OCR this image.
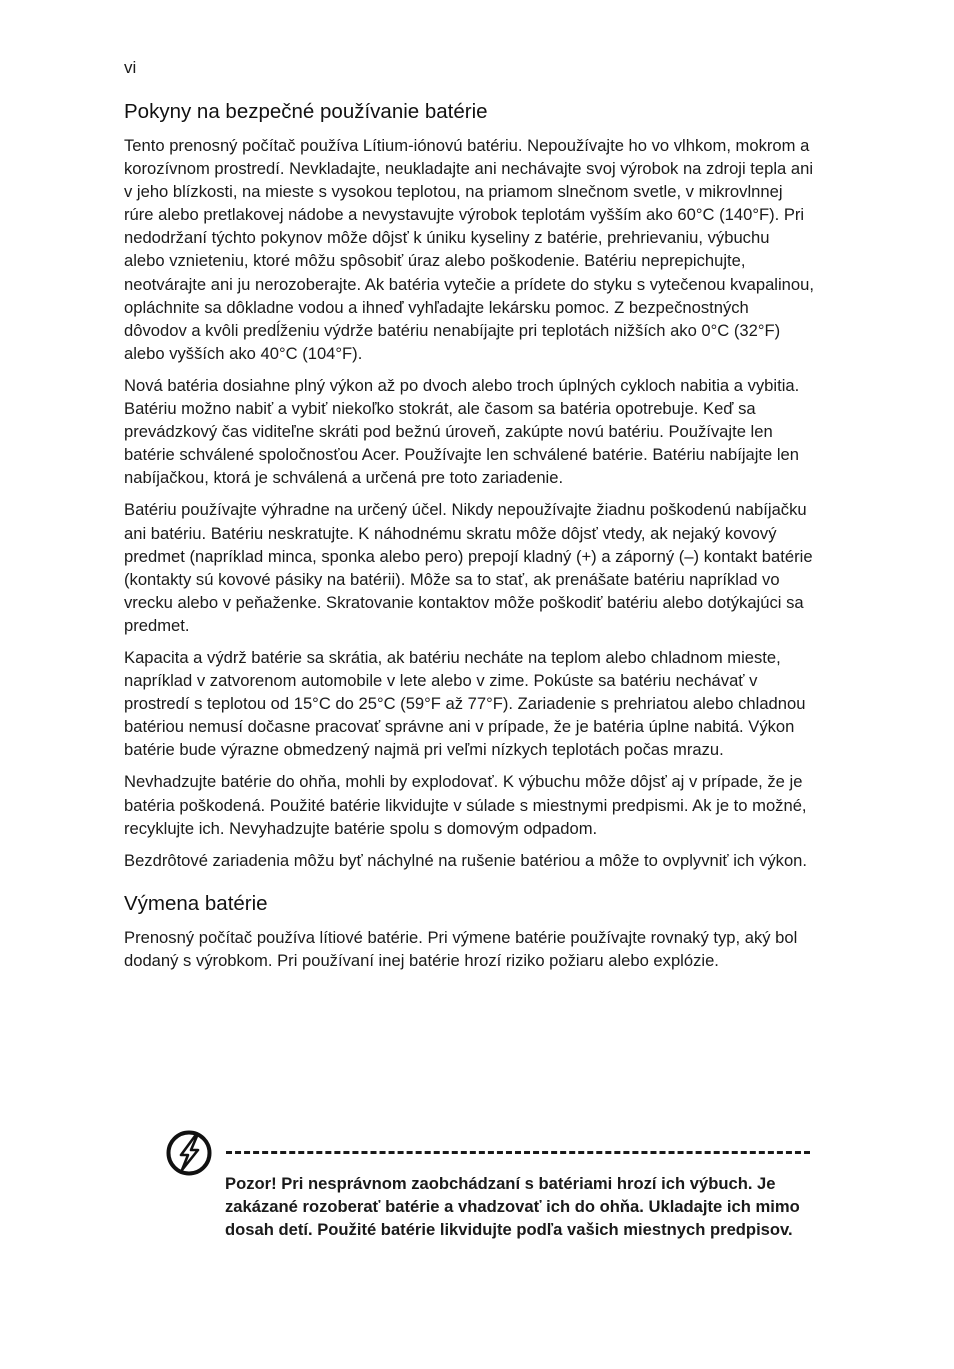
vi
Pokyny na bezpečné používanie batérie

Tento prenosný počítač používa Lítium-iónovú batériu. Nepoužívajte ho vo vlhkom, mokrom a korozívnom prostredí. Nevkladajte, neukladajte ani nechávajte svoj výrobok na zdroji tepla ani v jeho blízkosti, na mieste s vysokou teplotou, na priamom slnečnom svetle, v mikrovlnnej rúre alebo pretlakovej nádobe a nevystavujte výrobok teplotám vyšším ako 60°C (140°F). Pri nedodržaní týchto pokynov môže dôjsť k úniku kyseliny z batérie, prehrievaniu, výbuchu alebo vznieteniu, ktoré môžu spôsobiť úraz alebo poškodenie. Batériu neprepichujte, neotvárajte ani ju nerozoberajte. Ak batéria vytečie a prídete do styku s vytečenou kvapalinou, opláchnite sa dôkladne vodou a ihneď vyhľadajte lekársku pomoc. Z bezpečnostných dôvodov a kvôli predĺženiu výdrže batériu nenabíjajte pri teplotách nižších ako 0°C (32°F) alebo vyšších ako 40°C (104°F).

Nová batéria dosiahne plný výkon až po dvoch alebo troch úplných cykloch nabitia a vybitia. Batériu možno nabiť a vybiť niekoľko stokrát, ale časom sa batéria opotrebuje. Keď sa prevádzkový čas viditeľne skráti pod bežnú úroveň, zakúpte novú batériu. Používajte len batérie schválené spoločnosťou Acer. Používajte len schválené batérie. Batériu nabíjajte len nabíjačkou, ktorá je schválená a určená pre toto zariadenie.

Batériu používajte výhradne na určený účel. Nikdy nepoužívajte žiadnu poškodenú nabíjačku ani batériu. Batériu neskratujte. K náhodnému skratu môže dôjsť vtedy, ak nejaký kovový predmet (napríklad minca, sponka alebo pero) prepojí kladný (+) a záporný (–) kontakt batérie (kontakty sú kovové pásiky na batérii). Môže sa to stať, ak prenášate batériu napríklad vo vrecku alebo v peňaženke. Skratovanie kontaktov môže poškodiť batériu alebo dotýkajúci sa predmet.

Kapacita a výdrž batérie sa skrátia, ak batériu necháte na teplom alebo chladnom mieste, napríklad v zatvorenom automobile v lete alebo v zime. Pokúste sa batériu nechávať v prostredí s teplotou od 15°C do 25°C (59°F až 77°F). Zariadenie s prehriatou alebo chladnou batériou nemusí dočasne pracovať správne ani v prípade, že je batéria úplne nabitá. Výkon batérie bude výrazne obmedzený najmä pri veľmi nízkych teplotách počas mrazu.

Nevhadzujte batérie do ohňa, mohli by explodovať. K výbuchu môže dôjsť aj v prípade, že je batéria poškodená. Použité batérie likvidujte v súlade s miestnymi predpismi. Ak je to možné, recyklujte ich. Nevyhadzujte batérie spolu s domovým odpadom.

Bezdrôtové zariadenia môžu byť náchylné na rušenie batériou a môže to ovplyvniť ich výkon.

Výmena batérie

Prenosný počítač používa lítiové batérie. Pri výmene batérie používajte rovnaký typ, aký bol dodaný s výrobkom. Pri používaní inej batérie hrozí riziko požiaru alebo explózie.

Pozor! Pri nesprávnom zaobchádzaní s batériami hrozí ich výbuch. Je zakázané rozoberať batérie a vhadzovať ich do ohňa. Ukladajte ich mimo dosah detí. Použité batérie likvidujte podľa vašich miestnych predpisov.
